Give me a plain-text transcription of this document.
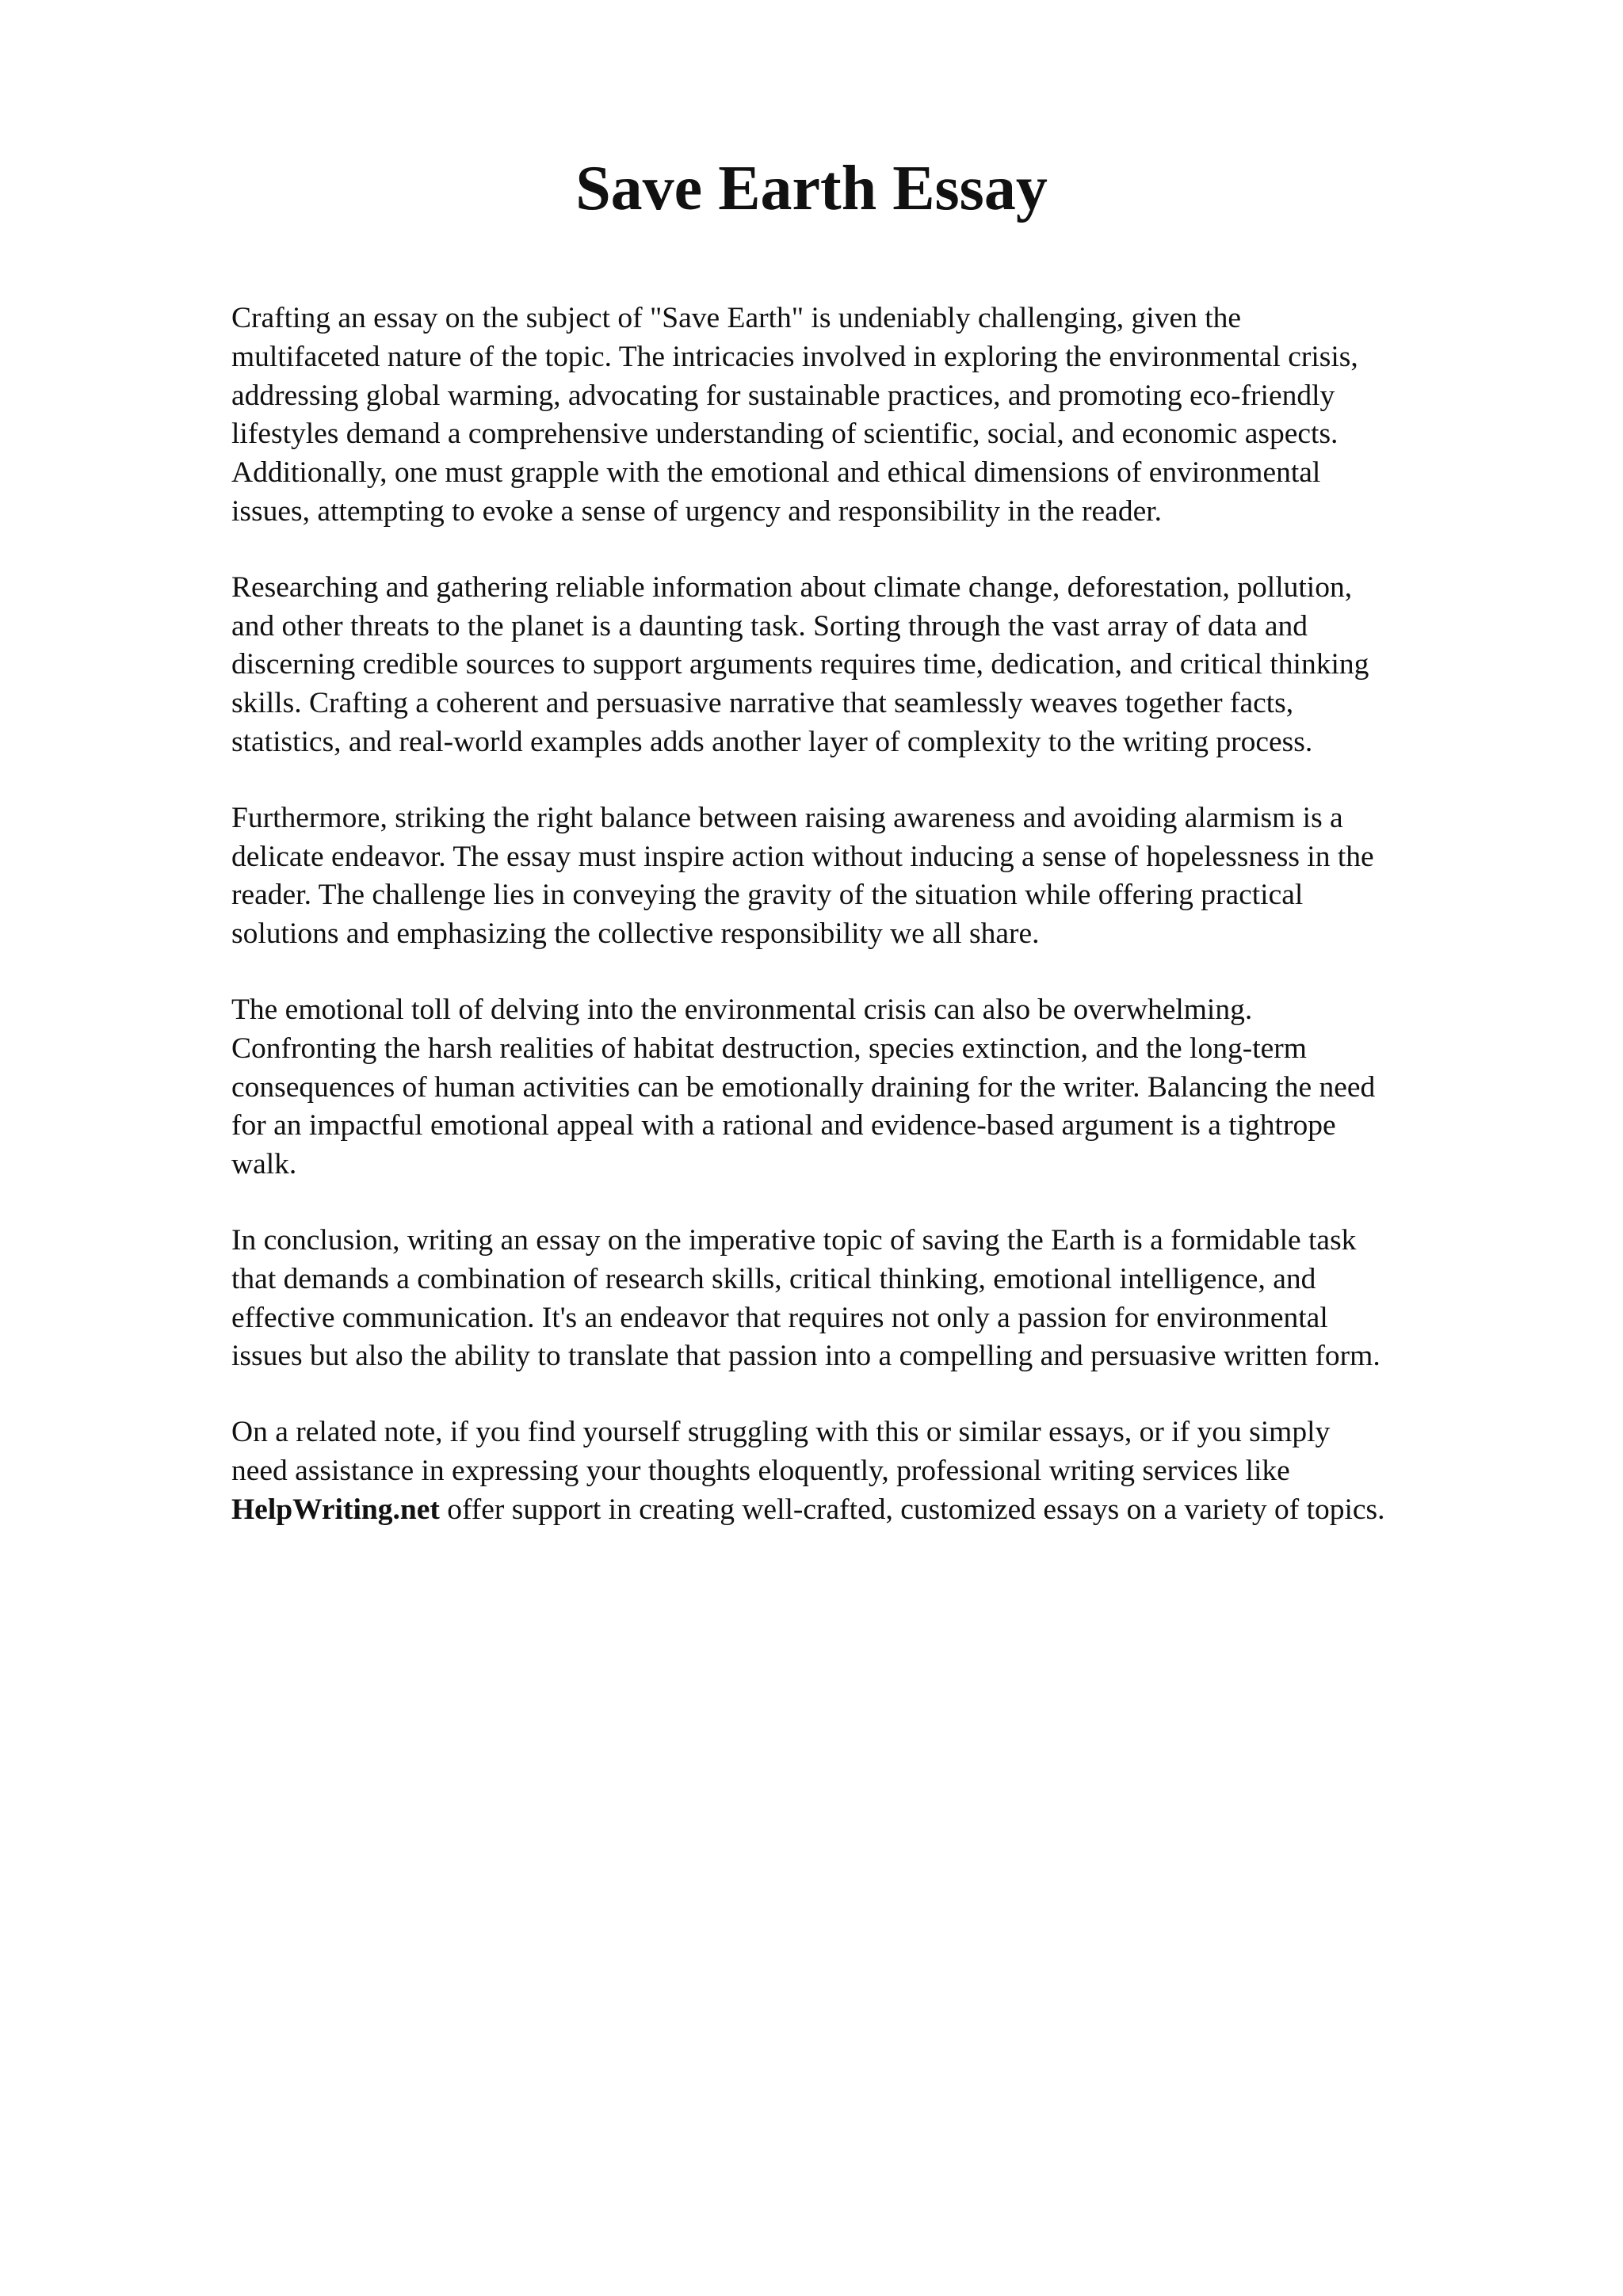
Save Earth Essay

Crafting an essay on the subject of "Save Earth" is undeniably challenging, given the
multifaceted nature of the topic. The intricacies involved in exploring the environmental crisis,
addressing global warming, advocating for sustainable practices, and promoting eco-friendly
lifestyles demand a comprehensive understanding of scientific, social, and economic aspects.
Additionally, one must grapple with the emotional and ethical dimensions of environmental
issues, attempting to evoke a sense of urgency and responsibility in the reader.

Researching and gathering reliable information about climate change, deforestation, pollution,
and other threats to the planet is a daunting task. Sorting through the vast array of data and
discerning credible sources to support arguments requires time, dedication, and critical thinking
skills. Crafting a coherent and persuasive narrative that seamlessly weaves together facts,
statistics, and real-world examples adds another layer of complexity to the writing process.

Furthermore, striking the right balance between raising awareness and avoiding alarmism is a
delicate endeavor. The essay must inspire action without inducing a sense of hopelessness in the
reader. The challenge lies in conveying the gravity of the situation while offering practical
solutions and emphasizing the collective responsibility we all share.

The emotional toll of delving into the environmental crisis can also be overwhelming.
Confronting the harsh realities of habitat destruction, species extinction, and the long-term
consequences of human activities can be emotionally draining for the writer. Balancing the need
for an impactful emotional appeal with a rational and evidence-based argument is a tightrope
walk.

In conclusion, writing an essay on the imperative topic of saving the Earth is a formidable task
that demands a combination of research skills, critical thinking, emotional intelligence, and
effective communication. It's an endeavor that requires not only a passion for environmental
issues but also the ability to translate that passion into a compelling and persuasive written form.

On a related note, if you find yourself struggling with this or similar essays, or if you simply
need assistance in expressing your thoughts eloquently, professional writing services like
HelpWriting.net offer support in creating well-crafted, customized essays on a variety of topics.
